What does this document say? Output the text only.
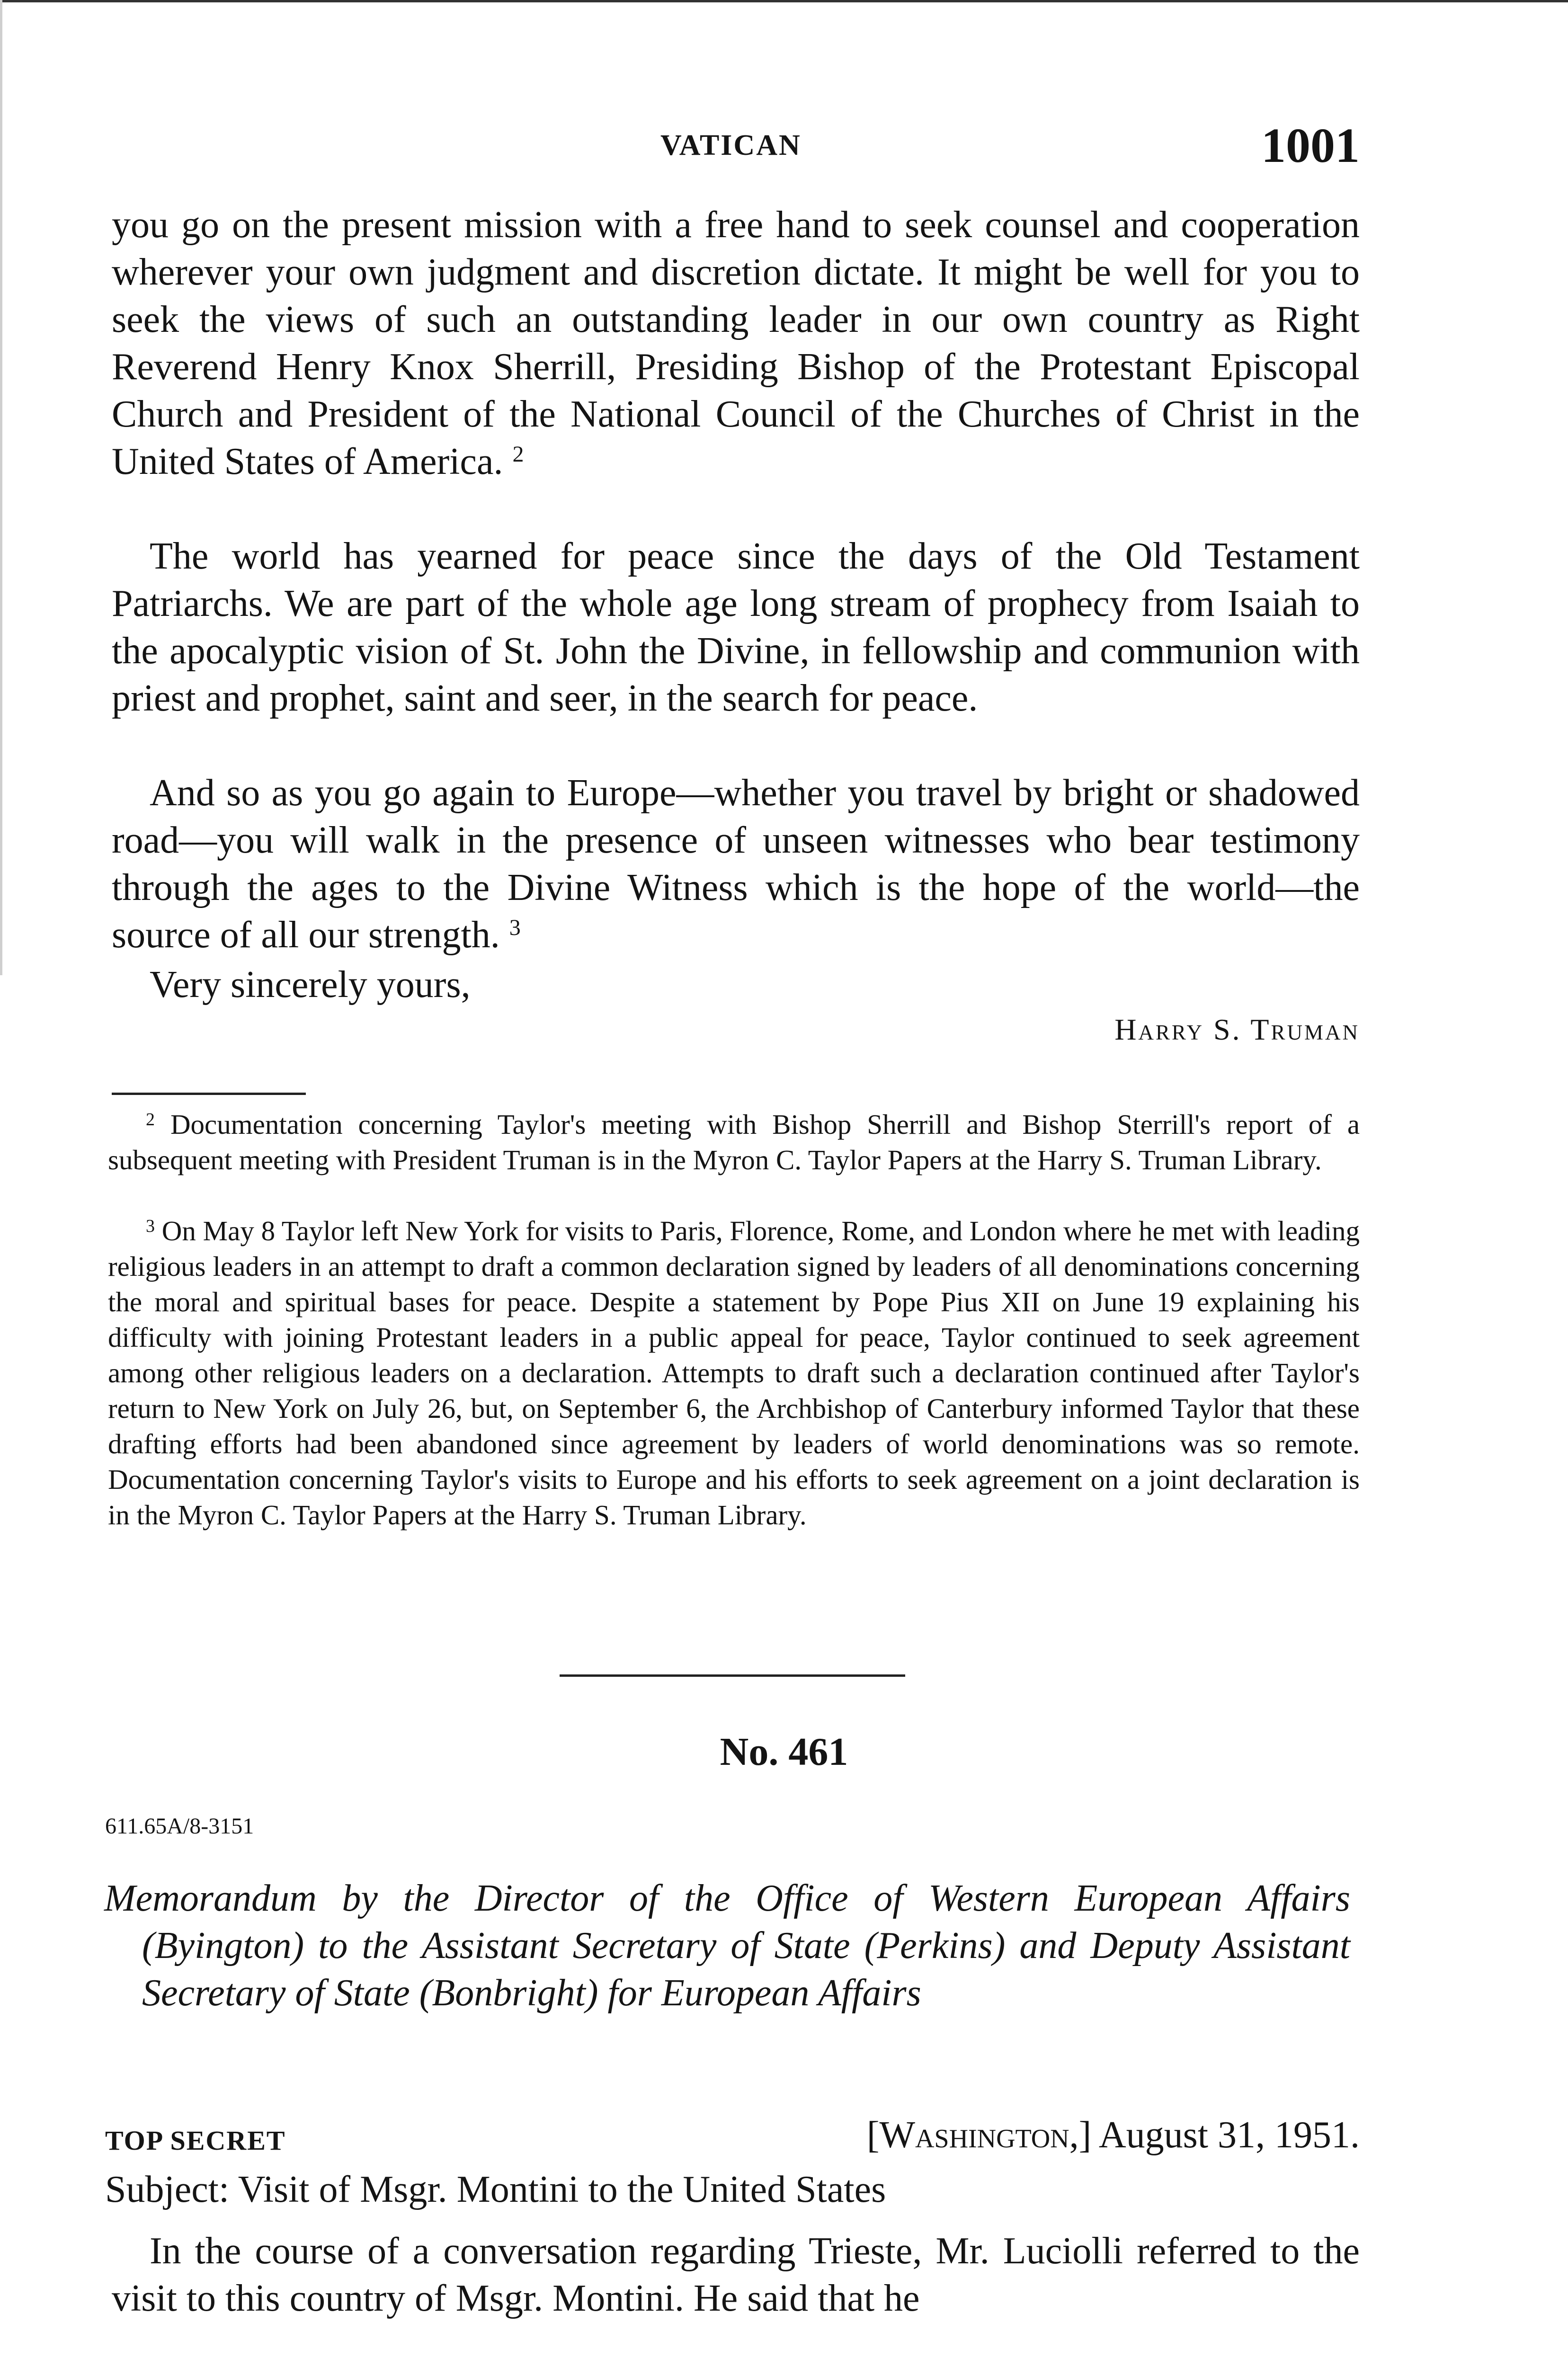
VATICAN	1001

you go on the present mission with a free hand to seek counsel and cooperation wherever your own judgment and discretion dictate. It might be well for you to seek the views of such an outstanding leader in our own country as Right Reverend Henry Knox Sherrill, Presiding Bishop of the Protestant Episcopal Church and President of the National Council of the Churches of Christ in the United States of America. $^2$

The world has yearned for peace since the days of the Old Testament Patriarchs. We are part of the whole age long stream of prophecy from Isaiah to the apocalyptic vision of St. John the Divine, in fellowship and communion with priest and prophet, saint and seer, in the search for peace.

And so as you go again to Europe—whether you travel by bright or shadowed road—you will walk in the presence of unseen witnesses who bear testimony through the ages to the Divine Witness which is the hope of the world—the source of all our strength. $^3$

Very sincerely yours,
Harry S. Truman

$^2$ Documentation concerning Taylor's meeting with Bishop Sherrill and Bishop Sterrill's report of a subsequent meeting with President Truman is in the Myron C. Taylor Papers at the Harry S. Truman Library.

$^3$ On May 8 Taylor left New York for visits to Paris, Florence, Rome, and London where he met with leading religious leaders in an attempt to draft a common declaration signed by leaders of all denominations concerning the moral and spiritual bases for peace. Despite a statement by Pope Pius XII on June 19 explaining his difficulty with joining Protestant leaders in a public appeal for peace, Taylor continued to seek agreement among other religious leaders on a declaration. Attempts to draft such a declaration continued after Taylor's return to New York on July 26, but, on September 6, the Archbishop of Canterbury informed Taylor that these drafting efforts had been abandoned since agreement by leaders of world denominations was so remote. Documentation concerning Taylor's visits to Europe and his efforts to seek agreement on a joint declaration is in the Myron C. Taylor Papers at the Harry S. Truman Library.

No. 461
611.65A/8-3151

Memorandum by the Director of the Office of Western European Affairs (Byington) to the Assistant Secretary of State (Perkins) and Deputy Assistant Secretary of State (Bonbright) for European Affairs

TOP SECRET	[Washington,] August 31, 1951.
Subject: Visit of Msgr. Montini to the United States

In the course of a conversation regarding Trieste, Mr. Luciolli referred to the visit to this country of Msgr. Montini. He said that he
